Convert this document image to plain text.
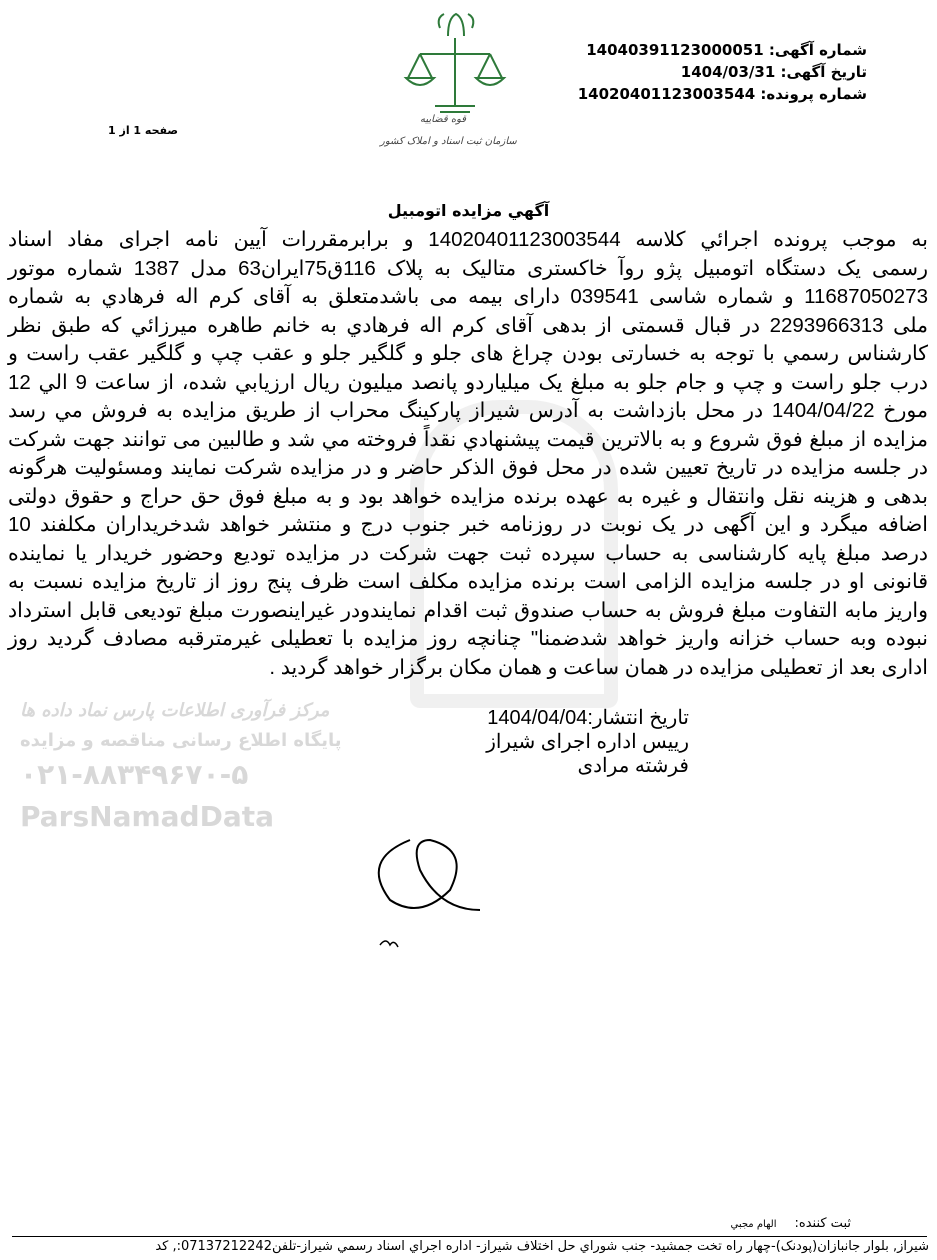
شماره آگهی: 14040391123000051
تاریخ آگهی: 1404/03/31
شماره پرونده: 14020401123003544
صفحه 1 از 1
قوه قضاییه
سازمان ثبت اسناد و املاک کشور
مرکز فرآوری اطلاعات پارس نماد داده ها
پایگاه اطلاع رسانی مناقصه و مزایده
۰۲۱-۸۸۳۴۹۶۷۰-۵
ParsNamadData
آگهي مزايده اتومبيل
به موجب پرونده اجرائي كلاسه 14020401123003544 و برابرمقررات آیین نامه اجرای مفاد اسناد
رسمی یک دستگاه اتومبیل پژو روآ خاکستری متالیک به پلاک 116ق75ایران63 مدل 1387 شماره موتور
11687050273 و شماره شاسی 039541 دارای بیمه می باشدمتعلق به آقای کرم اله فرهادي به شماره
ملی 2293966313 در قبال قسمتی از بدهی آقای کرم اله فرهادي به خانم طاهره میرزائي که طبق نظر
کارشناس رسمي با توجه به خسارتی بودن چراغ های جلو و گلگیر جلو و عقب چپ و گلگیر عقب راست و
درب جلو راست و چپ و جام جلو به مبلغ یک میلیاردو پانصد میلیون ریال ارزيابي شده، از ساعت 9 الي 12
مورخ 1404/04/22 در محل بازداشت به آدرس شیراز پارکینگ محراب از طريق مزايده به فروش مي رسد
مزايده از مبلغ فوق شروع و به بالاترين قيمت پيشنهادي نقداً فروخته مي شد و طالبين می توانند جهت شرکت
در جلسه مزایده در تاریخ تعیین شده در محل فوق الذکر حاضر و در مزایده شرکت نمایند ومسئولیت هرگونه
بدهی و هزینه نقل وانتقال و غیره به عهده برنده مزایده خواهد بود و به مبلغ فوق حق حراج و حقوق دولتی
اضافه میگرد و این آگهی در یک نوبت در روزنامه خبر جنوب درج و منتشر خواهد شدخریداران مکلفند 10
درصد مبلغ پایه کارشناسی به حساب سپرده ثبت جهت شرکت در مزایده تودیع وحضور خریدار یا نماینده
قانونی او در جلسه مزایده الزامی است برنده مزایده مکلف است ظرف پنج روز از تاریخ مزایده نسبت به
واریز مابه التفاوت مبلغ فروش به حساب صندوق ثبت اقدام نمایندودر غیراینصورت مبلغ تودیعی قابل استرداد
نبوده وبه حساب خزانه واریز خواهد شدضمنا" چنانچه روز مزایده با تعطیلی غیرمترقبه مصادف گردید روز
اداری بعد از تعطیلی مزایده در همان ساعت و همان مکان برگزار خواهد گردید .
تاریخ انتشار:1404/04/04
رییس اداره اجرای شیراز
فرشته مرادی
ثبت كننده:الهام مجبي
شيراز, بلوار جانبازان(پودنک)-چهار راه تخت جمشيد- جنب شوراي حل اختلاف شيراز- اداره اجراي اسناد رسمي شيراز-تلفن07137212242:, کد
